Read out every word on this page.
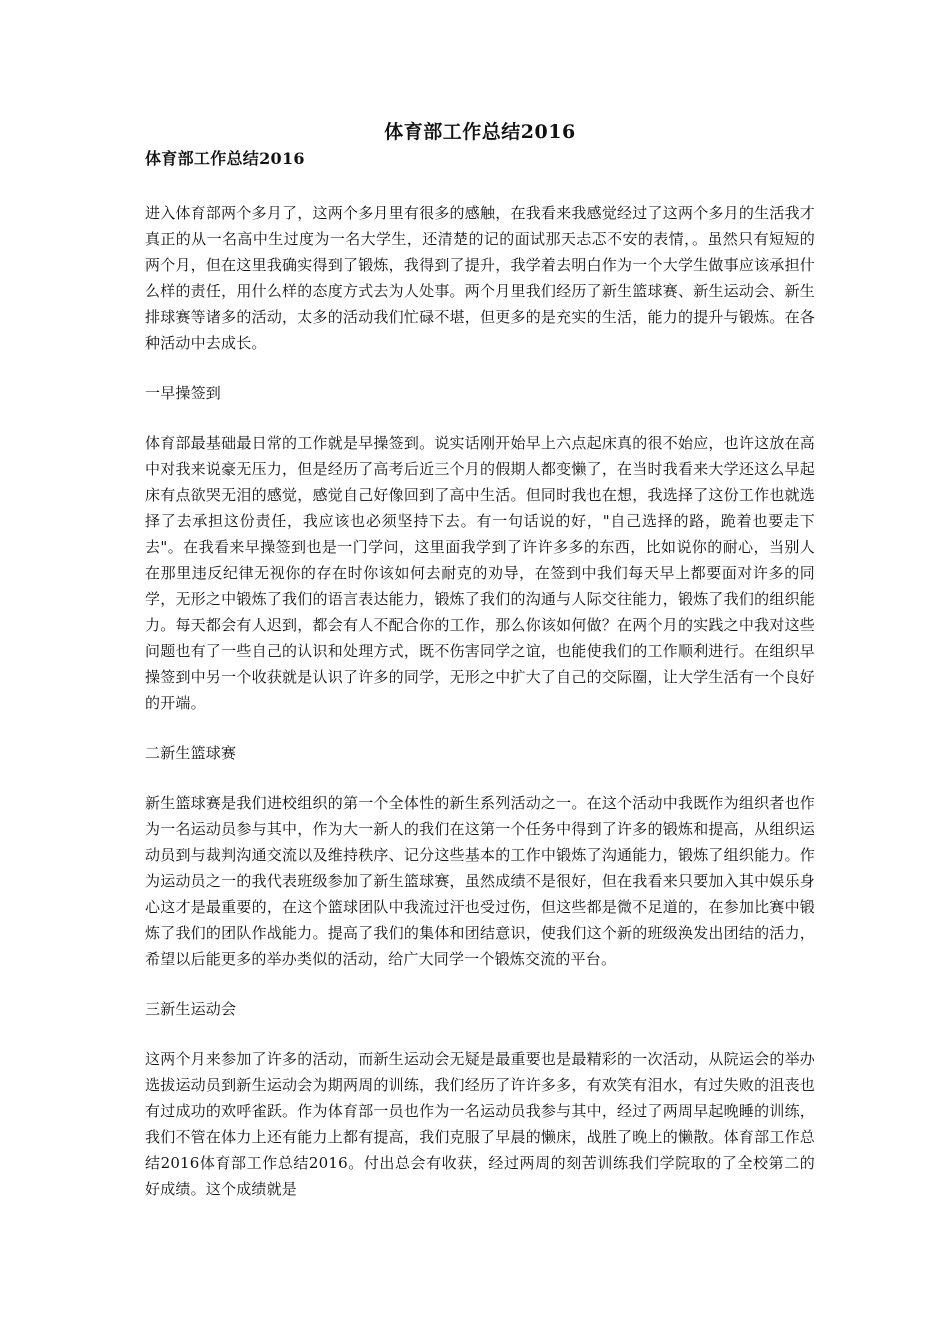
体育部工作总结2016
体育部工作总结2016

进入体育部两个多月了，这两个多月里有很多的感触，在我看来我感觉经过了这两个多月的生活我才真正的从一名高中生过度为一名大学生，还清楚的记的面试那天忐忑不安的表情，。虽然只有短短的两个月，但在这里我确实得到了锻炼，我得到了提升，我学着去明白作为一个大学生做事应该承担什么样的责任，用什么样的态度方式去为人处事。两个月里我们经历了新生篮球赛、新生运动会、新生排球赛等诸多的活动，太多的活动我们忙碌不堪，但更多的是充实的生活，能力的提升与锻炼。在各种活动中去成长。

一早操签到

体育部最基础最日常的工作就是早操签到。说实话刚开始早上六点起床真的很不始应，也许这放在高中对我来说豪无压力，但是经历了高考后近三个月的假期人都变懒了，在当时我看来大学还这么早起床有点欲哭无泪的感觉，感觉自己好像回到了高中生活。但同时我也在想，我选择了这份工作也就选择了去承担这份责任，我应该也必须坚持下去。有一句话说的好，"自己选择的路，跪着也要走下去"。在我看来早操签到也是一门学问，这里面我学到了许许多多的东西，比如说你的耐心，当别人在那里违反纪律无视你的存在时你该如何去耐克的劝导，在签到中我们每天早上都要面对许多的同学，无形之中锻炼了我们的语言表达能力，锻炼了我们的沟通与人际交往能力，锻炼了我们的组织能力。每天都会有人迟到，都会有人不配合你的工作，那么你该如何做？在两个月的实践之中我对这些问题也有了一些自己的认识和处理方式，既不伤害同学之谊，也能使我们的工作顺利进行。在组织早操签到中另一个收获就是认识了许多的同学，无形之中扩大了自己的交际圈，让大学生活有一个良好的开端。

二新生篮球赛

新生篮球赛是我们进校组织的第一个全体性的新生系列活动之一。在这个活动中我既作为组织者也作为一名运动员参与其中，作为大一新人的我们在这第一个任务中得到了许多的锻炼和提高，从组织运动员到与裁判沟通交流以及维持秩序、记分这些基本的工作中锻炼了沟通能力，锻炼了组织能力。作为运动员之一的我代表班级参加了新生篮球赛，虽然成绩不是很好，但在我看来只要加入其中娱乐身心这才是最重要的，在这个篮球团队中我流过汗也受过伤，但这些都是微不足道的，在参加比赛中锻炼了我们的团队作战能力。提高了我们的集体和团结意识，使我们这个新的班级涣发出团结的活力，希望以后能更多的举办类似的活动，给广大同学一个锻炼交流的平台。

三新生运动会

这两个月来参加了许多的活动，而新生运动会无疑是最重要也是最精彩的一次活动，从院运会的举办选拔运动员到新生运动会为期两周的训练，我们经历了许许多多，有欢笑有泪水，有过失败的沮丧也有过成功的欢呼雀跃。作为体育部一员也作为一名运动员我参与其中，经过了两周早起晚睡的训练，我们不管在体力上还有能力上都有提高，我们克服了早晨的懒床，战胜了晚上的懒散。体育部工作总结2016体育部工作总结2016。付出总会有收获，经过两周的刻苦训练我们学院取的了全校第二的好成绩。这个成绩就是
